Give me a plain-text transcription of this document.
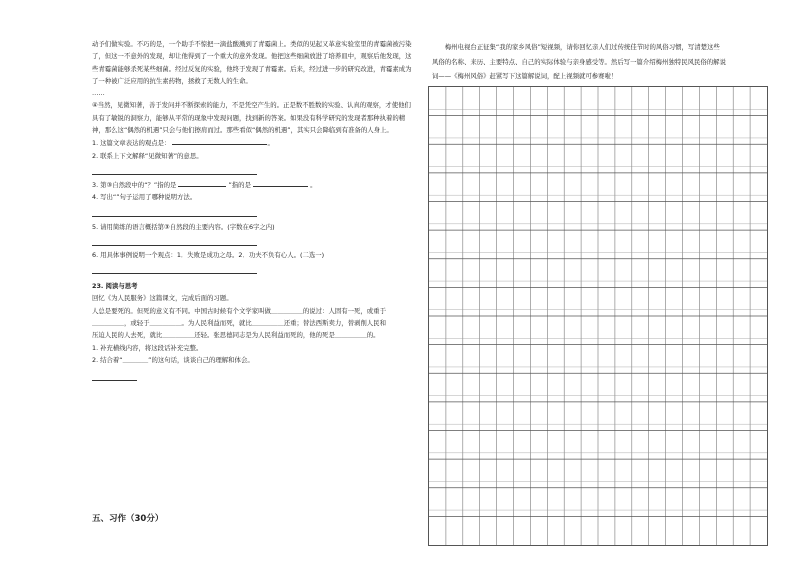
动予们做实验。不巧的是，一个助手不惊把一滴盐酸溅到了青霉菌上。类似的见起又革意实验室里的青霉菌被污染了，但这一不意外的发现，却让他得到了一个重大的意外发现。他把这些细菌放进了培养皿中，观察后他发现，这些青霉菌能够杀死某些细菌。经过反复的实验，他终于发现了青霉素。后来，经过进一步的研究改进，青霉素成为了一种被广泛应用的抗生素药物，拯救了无数人的生命。

……

④当然，见微知著，善于发问并不断探索的能力，不是凭空产生的。正是数不胜数的实验、认真的观察，才使他们具有了敏锐的洞察力，能够从平常的现象中发现问题，找到新的答案。如果没有科学研究的发现者那种执着的精神，那么这“偶然的机遇”只会与他们擦肩而过。那些看似“偶然的机遇”，其实只会降临到有准备的人身上。

1. 这篇文章表达的观点是：	。

2. 联系上下文解释“见微知著”的意思。

3. 第③自然段中的“？”指的是	”指的是	。

4. 写出“”句子运用了哪种说明方法。

5. 请用简练的语言概括第③自然段的主要内容。(字数在6字之内)

6. 用具体事例说明一个观点：1．失败是成功之母。2．功夫不负有心人。(二选一)

23. 阅读与思考

回忆《为人民服务》这篇课文，完成后面的习题。

人总是要死的。但死的意义有不同。中国古时候有个文学家叫做＿＿＿＿＿的说过：人固有一死，或重于

＿＿＿＿＿，或轻于＿＿＿＿＿。为人民利益而死，就比＿＿＿＿＿还重；替法西斯卖力，替剥削人民和

压迫人民的人去死，就比＿＿＿＿＿还轻。张思德同志是为人民利益而死的，他的死是＿＿＿＿＿的。

1. 补充横线内容，将这段话补充完整。

2. 结合着“＿＿＿＿”的这句话，谈谈自己的理解和体会。

五、习作（30分）

梅州电视台正征集“我的家乡风俗”短视频，请你回忆亲人们过传统佳节时的风俗习惯，写清楚这些

风俗的名称、来历、主要特点、自己的实际体验与亲身感受等。然后写一篇介绍梅州独特民风民俗的解说

词——《梅州风俗》赶紧写下这篇解说词，配上视频就可参赛啦！
